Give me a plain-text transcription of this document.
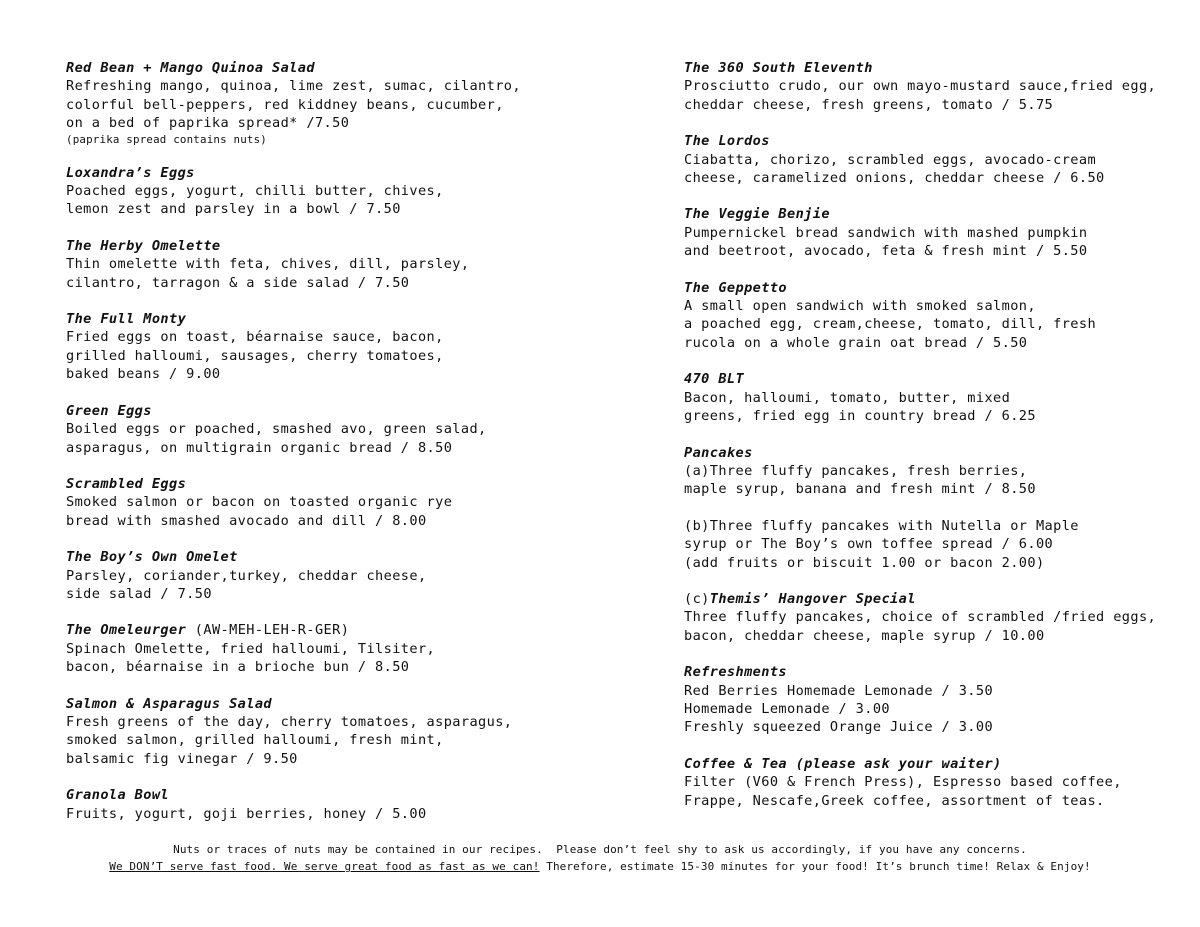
Red Bean + Mango Quinoa Salad
Refreshing mango, quinoa, lime zest, sumac, cilantro,
colorful bell-peppers, red kiddney beans, cucumber,
on a bed of paprika spread* /7.50
(paprika spread contains nuts)
Loxandra’s Eggs
Poached eggs, yogurt, chilli butter, chives,
lemon zest and parsley in a bowl / 7.50
The Herby Omelette
Thin omelette with feta, chives, dill, parsley,
cilantro, tarragon & a side salad / 7.50
The Full Monty
Fried eggs on toast, béarnaise sauce, bacon,
grilled halloumi, sausages, cherry tomatoes,
baked beans / 9.00
Green Eggs
Boiled eggs or poached, smashed avo, green salad,
asparagus, on multigrain organic bread / 8.50
Scrambled Eggs
Smoked salmon or bacon on toasted organic rye
bread with smashed avocado and dill / 8.00
The Boy’s Own Omelet
Parsley, coriander,turkey, cheddar cheese,
side salad / 7.50
The Omeleurger (AW-MEH-LEH-R-GER)
Spinach Omelette, fried halloumi, Tilsiter,
bacon, béarnaise in a brioche bun / 8.50
Salmon & Asparagus Salad
Fresh greens of the day, cherry tomatoes, asparagus,
smoked salmon, grilled halloumi, fresh mint,
balsamic fig vinegar / 9.50
Granola Bowl
Fruits, yogurt, goji berries, honey / 5.00
The 360 South Eleventh
Prosciutto crudo, our own mayo-mustard sauce,fried egg,
cheddar cheese, fresh greens, tomato / 5.75
The Lordos
Ciabatta, chorizo, scrambled eggs, avocado-cream
cheese, caramelized onions, cheddar cheese / 6.50
The Veggie Benjie
Pumpernickel bread sandwich with mashed pumpkin
and beetroot, avocado, feta & fresh mint / 5.50
The Geppetto
A small open sandwich with smoked salmon,
a poached egg, cream,cheese, tomato, dill, fresh
rucola on a whole grain oat bread / 5.50
470 BLT
Bacon, halloumi, tomato, butter, mixed
greens, fried egg in country bread / 6.25
Pancakes
(a)Three fluffy pancakes, fresh berries,
maple syrup, banana and fresh mint / 8.50
(b)Three fluffy pancakes with Nutella or Maple
syrup or The Boy’s own toffee spread / 6.00
(add fruits or biscuit 1.00 or bacon 2.00)
(c)Themis’ Hangover Special
Three fluffy pancakes, choice of scrambled /fried eggs,
bacon, cheddar cheese, maple syrup / 10.00
Refreshments
Red Berries Homemade Lemonade / 3.50
Homemade Lemonade / 3.00
Freshly squeezed Orange Juice / 3.00
Coffee & Tea (please ask your waiter)
Filter (V60 & French Press), Espresso based coffee,
Frappe, Nescafe,Greek coffee, assortment of teas.
Nuts or traces of nuts may be contained in our recipes.  Please don’t feel shy to ask us accordingly, if you have any concerns.
We DON’T serve fast food. We serve great food as fast as we can! Therefore, estimate 15-30 minutes for your food! It’s brunch time! Relax & Enjoy!
